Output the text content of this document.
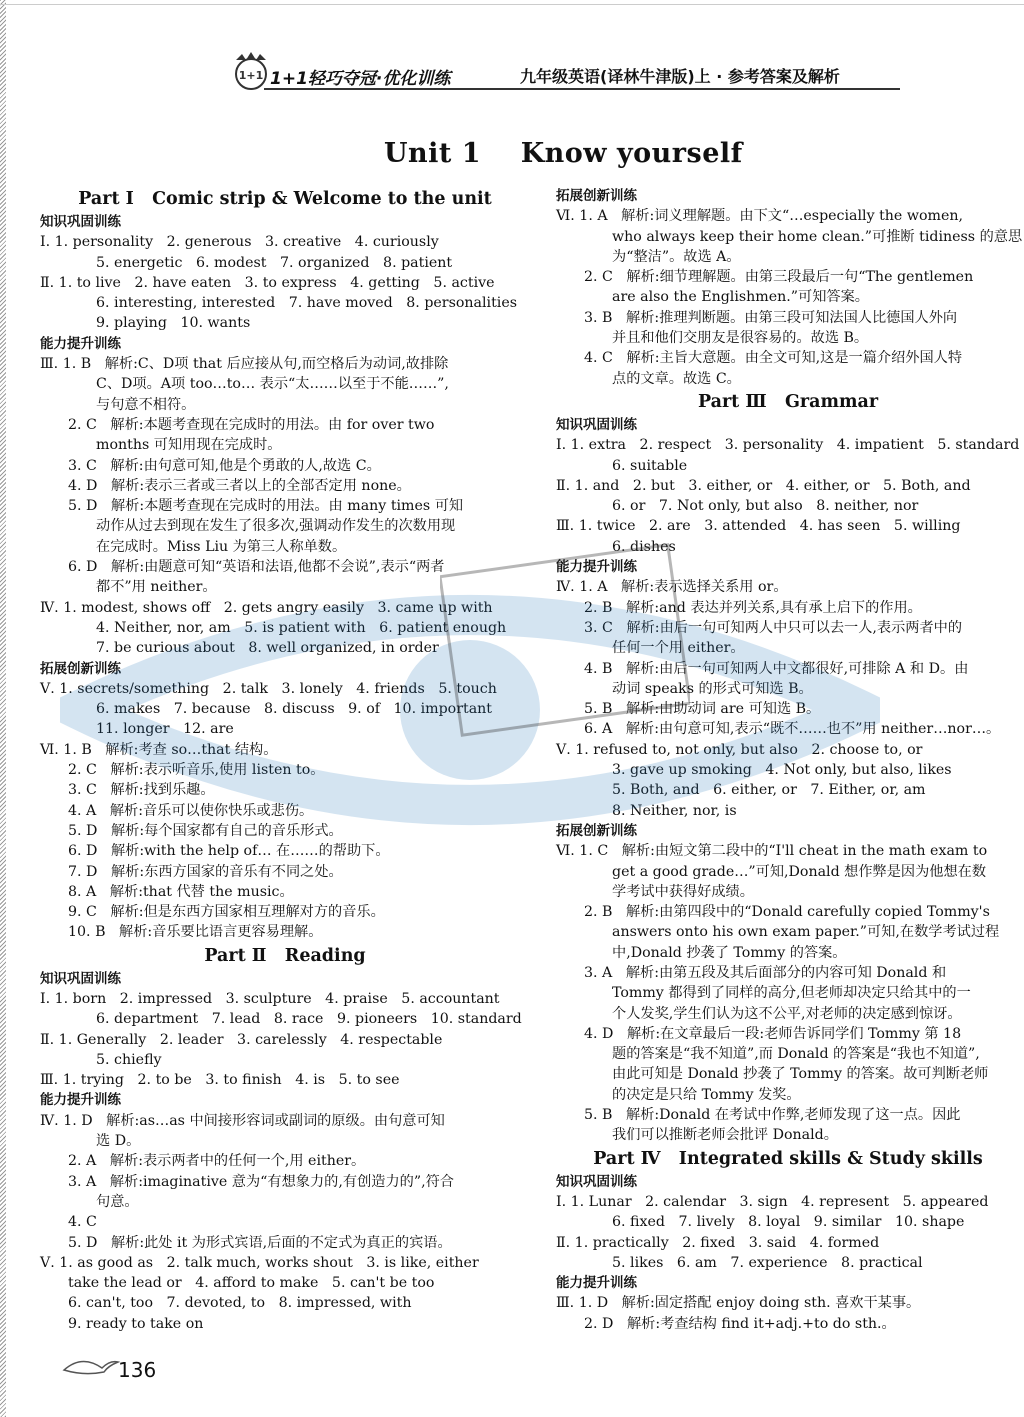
1+1 1+1轻巧夺冠·优化训练	九年级英语(译林牛津版)上 · 参考答案及解析
Unit 1    Know yourself
Part Ⅰ   Comic strip & Welcome to the unit
知识巩固训练
Ⅰ. 1. personality   2. generous   3. creative   4. curiously
5. energetic   6. modest   7. organized   8. patient
Ⅱ. 1. to live   2. have eaten   3. to express   4. getting   5. active
6. interesting, interested   7. have moved   8. personalities
9. playing   10. wants
能力提升训练
Ⅲ. 1. B   解析:C、D项 that 后应接从句,而空格后为动词,故排除
C、D项。A项 too…to… 表示“太……以至于不能……”,
与句意不相符。
2. C   解析:本题考查现在完成时的用法。由 for over two
months 可知用现在完成时。
3. C   解析:由句意可知,他是个勇敢的人,故选 C。
4. D   解析:表示三者或三者以上的全部否定用 none。
5. D   解析:本题考查现在完成时的用法。由 many times 可知
动作从过去到现在发生了很多次,强调动作发生的次数用现
在完成时。Miss Liu 为第三人称单数。
6. D   解析:由题意可知“英语和法语,他都不会说”,表示“两者
都不”用 neither。
Ⅳ. 1. modest, shows off   2. gets angry easily   3. came up with
4. Neither, nor, am   5. is patient with   6. patient enough
7. be curious about   8. well organized, in order
拓展创新训练
Ⅴ. 1. secrets/something   2. talk   3. lonely   4. friends   5. touch
6. makes   7. because   8. discuss   9. of   10. important
11. longer   12. are
Ⅵ. 1. B   解析:考查 so…that 结构。
2. C   解析:表示听音乐,使用 listen to。
3. C   解析:找到乐趣。
4. A   解析:音乐可以使你快乐或悲伤。
5. D   解析:每个国家都有自己的音乐形式。
6. D   解析:with the help of… 在……的帮助下。
7. D   解析:东西方国家的音乐有不同之处。
8. A   解析:that 代替 the music。
9. C   解析:但是东西方国家相互理解对方的音乐。
10. B   解析:音乐要比语言更容易理解。
Part Ⅱ   Reading
知识巩固训练
Ⅰ. 1. born   2. impressed   3. sculpture   4. praise   5. accountant
6. department   7. lead   8. race   9. pioneers   10. standard
Ⅱ. 1. Generally   2. leader   3. carelessly   4. respectable
5. chiefly
Ⅲ. 1. trying   2. to be   3. to finish   4. is   5. to see
能力提升训练
Ⅳ. 1. D   解析:as…as 中间接形容词或副词的原级。由句意可知
选 D。
2. A   解析:表示两者中的任何一个,用 either。
3. A   解析:imaginative 意为“有想象力的,有创造力的”,符合
句意。
4. C
5. D   解析:此处 it 为形式宾语,后面的不定式为真正的宾语。
Ⅴ. 1. as good as   2. talk much, works shout   3. is like, either
take the lead or   4. afford to make   5. can't be too
6. can't, too   7. devoted, to   8. impressed, with
9. ready to take on
拓展创新训练
Ⅵ. 1. A   解析:词义理解题。由下文“…especially the women,
who always keep their home clean.”可推断 tidiness 的意思
为“整洁”。故选 A。
2. C   解析:细节理解题。由第三段最后一句“The gentlemen
are also the Englishmen.”可知答案。
3. B   解析:推理判断题。由第三段可知法国人比德国人外向
并且和他们交朋友是很容易的。故选 B。
4. C   解析:主旨大意题。由全文可知,这是一篇介绍外国人特
点的文章。故选 C。
Part Ⅲ   Grammar
知识巩固训练
Ⅰ. 1. extra   2. respect   3. personality   4. impatient   5. standard
6. suitable
Ⅱ. 1. and   2. but   3. either, or   4. either, or   5. Both, and
6. or   7. Not only, but also   8. neither, nor
Ⅲ. 1. twice   2. are   3. attended   4. has seen   5. willing
6. dishes
能力提升训练
Ⅳ. 1. A   解析:表示选择关系用 or。
2. B   解析:and 表达并列关系,具有承上启下的作用。
3. C   解析:由后一句可知两人中只可以去一人,表示两者中的
任何一个用 either。
4. B   解析:由后一句可知两人中文都很好,可排除 A 和 D。由
动词 speaks 的形式可知选 B。
5. B   解析:由助动词 are 可知选 B。
6. A   解析:由句意可知,表示“既不……也不”用 neither…nor…。
Ⅴ. 1. refused to, not only, but also   2. choose to, or
3. gave up smoking   4. Not only, but also, likes
5. Both, and   6. either, or   7. Either, or, am
8. Neither, nor, is
拓展创新训练
Ⅵ. 1. C   解析:由短文第二段中的“I'll cheat in the math exam to
get a good grade…”可知,Donald 想作弊是因为他想在数
学考试中获得好成绩。
2. B   解析:由第四段中的“Donald carefully copied Tommy's
answers onto his own exam paper.”可知,在数学考试过程
中,Donald 抄袭了 Tommy 的答案。
3. A   解析:由第五段及其后面部分的内容可知 Donald 和
Tommy 都得到了同样的高分,但老师却决定只给其中的一
个人发奖,学生们认为这不公平,对老师的决定感到惊讶。
4. D   解析:在文章最后一段:老师告诉同学们 Tommy 第 18
题的答案是“我不知道”,而 Donald 的答案是“我也不知道”,
由此可知是 Donald 抄袭了 Tommy 的答案。故可判断老师
的决定是只给 Tommy 发奖。
5. B   解析:Donald 在考试中作弊,老师发现了这一点。因此
我们可以推断老师会批评 Donald。
Part Ⅳ   Integrated skills & Study skills
知识巩固训练
Ⅰ. 1. Lunar   2. calendar   3. sign   4. represent   5. appeared
6. fixed   7. lively   8. loyal   9. similar   10. shape
Ⅱ. 1. practically   2. fixed   3. said   4. formed
5. likes   6. am   7. experience   8. practical
能力提升训练
Ⅲ. 1. D   解析:固定搭配 enjoy doing sth. 喜欢干某事。
2. D   解析:考查结构 find it+adj.+to do sth.。
136
